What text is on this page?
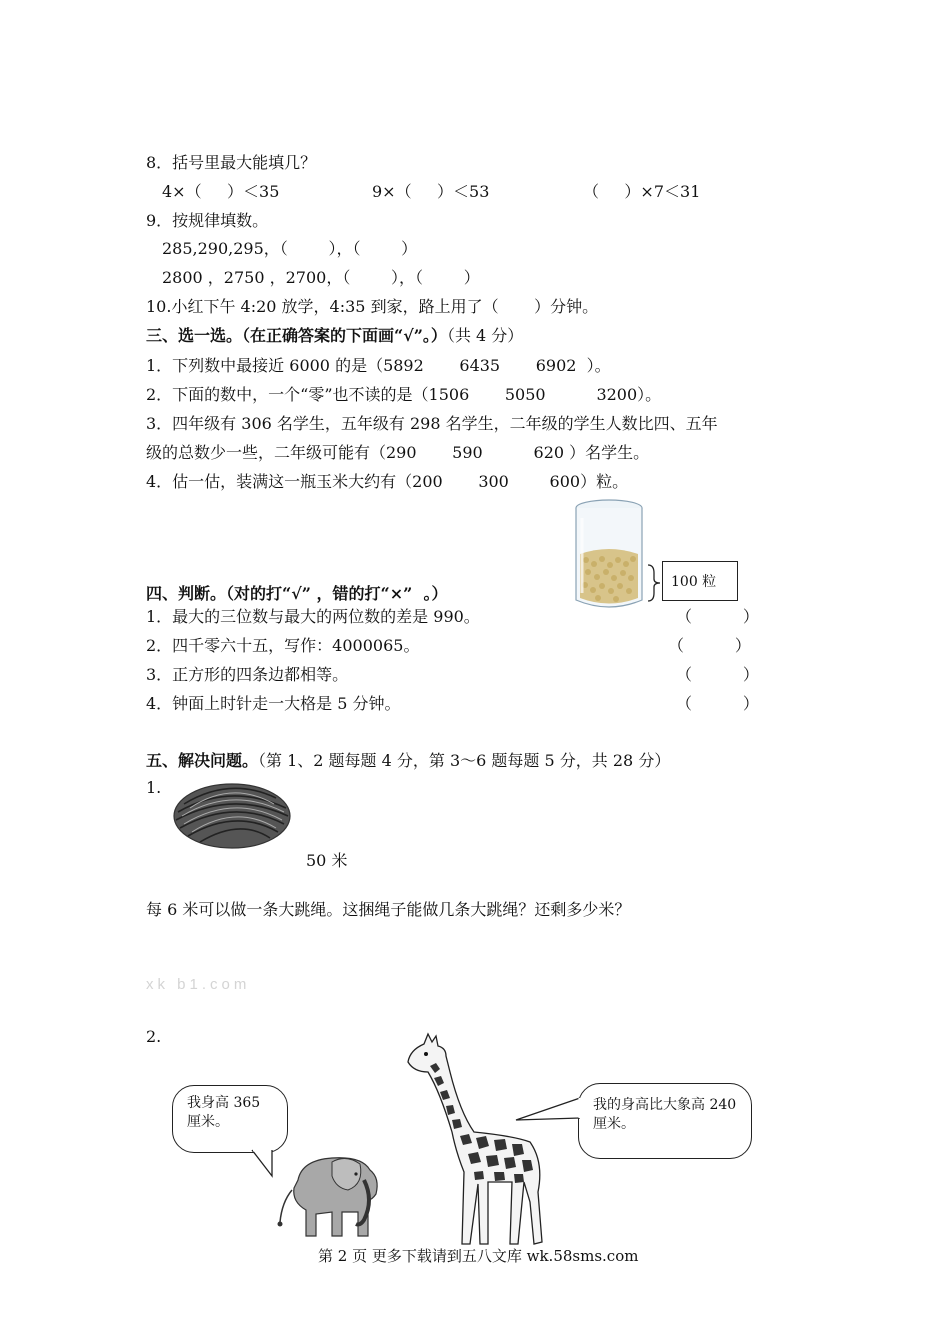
8．括号里最大能填几？
4×（     ）＜35	9×（     ）＜53	（     ）×7＜31
9．按规律填数。
285,290,295，（        ），（        ）
2800 ，2750 ，2700，（        ），（        ）
10.小红下午 4:20 放学，4:35 到家，路上用了（       ）分钟。
三、选一选。（在正确答案的下面画“√”。）（共 4 分）
1．下列数中最接近 6000 的是（5892       6435       6902  ）。
2．下面的数中，一个“零”也不读的是（1506       5050          3200）。
3．四年级有 306 名学生，五年级有 298 名学生，二年级的学生人数比四、五年
级的总数少一些，二年级可能有（290       590          620 ）名学生。
4．估一估，装满这一瓶玉米大约有（200       300        600）粒。
100 粒
四、判断。（对的打“√” ，错的打“×”  。）
1．最大的三位数与最大的两位数的差是 990。	（          ）
2．四千零六十五，写作：4000065。	（          ）
3．正方形的四条边都相等。	（          ）
4．钟面上时针走一大格是 5 分钟。	（          ）
五、解决问题。（第 1、2 题每题 4 分，第 3～6 题每题 5 分，共 28 分）
1.
50 米
每 6 米可以做一条大跳绳。这捆绳子能做几条大跳绳？还剩多少米？
xk b1.com
2.
我身高 365 厘米。
我的身高比大象高 240 厘米。
第 2 页 更多下载请到五八文库 wk.58sms.com
